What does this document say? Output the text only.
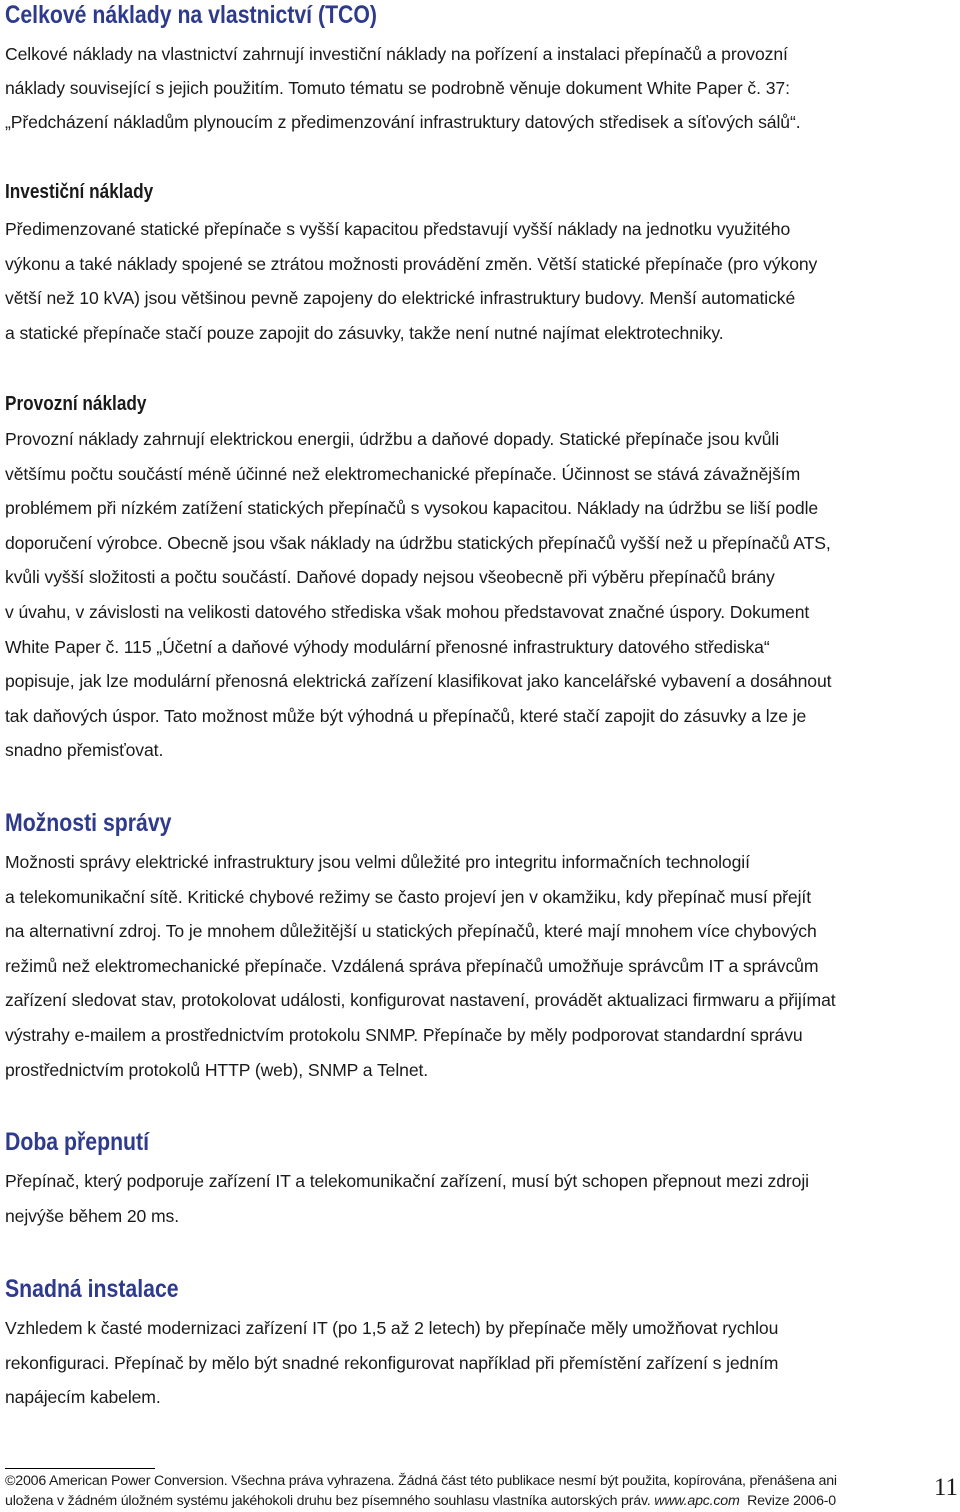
Celkové náklady na vlastnictví (TCO)
Celkové náklady na vlastnictví zahrnují investiční náklady na pořízení a instalaci přepínačů a provozní
náklady související s jejich použitím. Tomuto tématu se podrobně věnuje dokument White Paper č. 37:
„Předcházení nákladům plynoucím z předimenzování infrastruktury datových středisek a síťových sálů“.
Investiční náklady
Předimenzované statické přepínače s vyšší kapacitou představují vyšší náklady na jednotku využitého
výkonu a také náklady spojené se ztrátou možnosti provádění změn. Větší statické přepínače (pro výkony
větší než 10 kVA) jsou většinou pevně zapojeny do elektrické infrastruktury budovy. Menší automatické
a statické přepínače stačí pouze zapojit do zásuvky, takže není nutné najímat elektrotechniky.
Provozní náklady
Provozní náklady zahrnují elektrickou energii, údržbu a daňové dopady. Statické přepínače jsou kvůli
většímu počtu součástí méně účinné než elektromechanické přepínače. Účinnost se stává závažnějším
problémem při nízkém zatížení statických přepínačů s vysokou kapacitou. Náklady na údržbu se liší podle
doporučení výrobce. Obecně jsou však náklady na údržbu statických přepínačů vyšší než u přepínačů ATS,
kvůli vyšší složitosti a počtu součástí. Daňové dopady nejsou všeobecně při výběru přepínačů brány
v úvahu, v závislosti na velikosti datového střediska však mohou představovat značné úspory. Dokument
White Paper č. 115 „Účetní a daňové výhody modulární přenosné infrastruktury datového střediska“
popisuje, jak lze modulární přenosná elektrická zařízení klasifikovat jako kancelářské vybavení a dosáhnout
tak daňových úspor. Tato možnost může být výhodná u přepínačů, které stačí zapojit do zásuvky a lze je
snadno přemisťovat.
Možnosti správy
Možnosti správy elektrické infrastruktury jsou velmi důležité pro integritu informačních technologií
a telekomunikační sítě. Kritické chybové režimy se často projeví jen v okamžiku, kdy přepínač musí přejít
na alternativní zdroj. To je mnohem důležitější u statických přepínačů, které mají mnohem více chybových
režimů než elektromechanické přepínače. Vzdálená správa přepínačů umožňuje správcům IT a správcům
zařízení sledovat stav, protokolovat události, konfigurovat nastavení, provádět aktualizaci firmwaru a přijímat
výstrahy e-mailem a prostřednictvím protokolu SNMP. Přepínače by měly podporovat standardní správu
prostřednictvím protokolů HTTP (web), SNMP a Telnet.
Doba přepnutí
Přepínač, který podporuje zařízení IT a telekomunikační zařízení, musí být schopen přepnout mezi zdroji
nejvýše během 20 ms.
Snadná instalace
Vzhledem k časté modernizaci zařízení IT (po 1,5 až 2 letech) by přepínače měly umožňovat rychlou
rekonfiguraci. Přepínač by mělo být snadné rekonfigurovat například při přemístění zařízení s jedním
napájecím kabelem.
©2006 American Power Conversion. Všechna práva vyhrazena. Žádná část této publikace nesmí být použita, kopírována, přenášena ani
uložena v žádném úložném systému jakéhokoli druhu bez písemného souhlasu vlastníka autorských práv. www.apc.com Revize 2006-0	11
